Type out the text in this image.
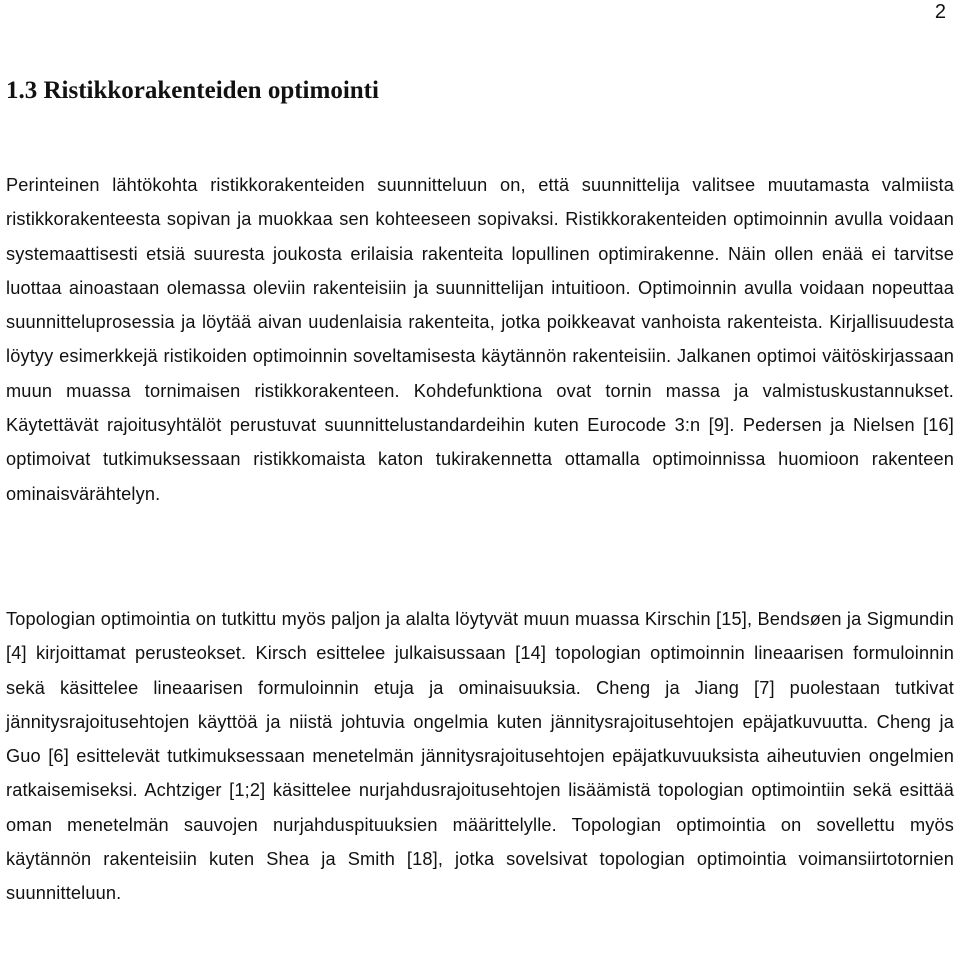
2
1.3 Ristikkorakenteiden optimointi

Perinteinen lähtökohta ristikkorakenteiden suunnitteluun on, että suunnittelija valitsee muutamasta valmiista ristikkorakenteesta sopivan ja muokkaa sen kohteeseen sopivaksi. Ristikkorakenteiden optimoinnin avulla voidaan systemaattisesti etsiä suuresta joukosta erilaisia rakenteita lopullinen optimirakenne. Näin ollen enää ei tarvitse luottaa ainoastaan olemassa oleviin rakenteisiin ja suunnittelijan intuitioon. Optimoinnin avulla voidaan nopeuttaa suunnitteluprosessia ja löytää aivan uudenlaisia rakenteita, jotka poikkeavat vanhoista rakenteista. Kirjallisuudesta löytyy esimerkkejä ristikoiden optimoinnin soveltamisesta käytännön rakenteisiin. Jalkanen optimoi väitöskirjassaan muun muassa tornimaisen ristikkorakenteen. Kohdefunktiona ovat tornin massa ja valmistuskustannukset. Käytettävät rajoitusyhtälöt perustuvat suunnittelustandardeihin kuten Eurocode 3:n [9]. Pedersen ja Nielsen [16] optimoivat tutkimuksessaan ristikkomaista katon tukirakennetta ottamalla optimoinnissa huomioon rakenteen ominaisvärähtelyn.

Topologian optimointia on tutkittu myös paljon ja alalta löytyvät muun muassa Kirschin [15], Bendsøen ja Sigmundin [4] kirjoittamat perusteokset. Kirsch esittelee julkaisussaan [14] topologian optimoinnin lineaarisen formuloinnin sekä käsittelee lineaarisen formuloinnin etuja ja ominaisuuksia. Cheng ja Jiang [7] puolestaan tutkivat jännitysrajoitusehtojen käyttöä ja niistä johtuvia ongelmia kuten jännitysrajoitusehtojen epäjatkuvuutta. Cheng ja Guo [6] esittelevät tutkimuksessaan menetelmän jännitysrajoitusehtojen epäjatkuvuuksista aiheutuvien ongelmien ratkaisemiseksi. Achtziger [1;2] käsittelee nurjahdusrajoitusehtojen lisäämistä topologian optimointiin sekä esittää oman menetelmän sauvojen nurjahduspituuksien määrittelylle. Topologian optimointia on sovellettu myös käytännön rakenteisiin kuten Shea ja Smith [18], jotka sovelsivat topologian optimointia voimansiirtotornien suunnitteluun.
